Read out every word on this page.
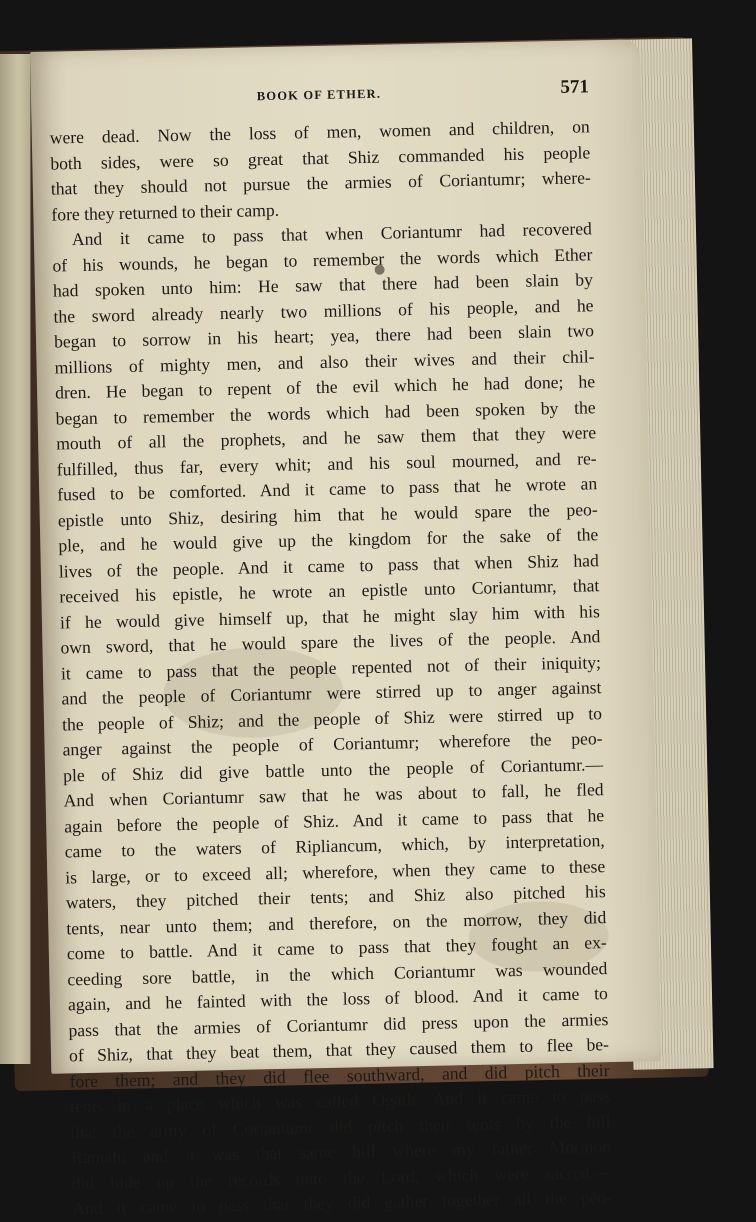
BOOK OF ETHER.	571
were dead. Now the loss of men, women and children, on
both sides, were so great that Shiz commanded his people
that they should not pursue the armies of Coriantumr; where-
fore they returned to their camp.
And it came to pass that when Coriantumr had recovered
of his wounds, he began to remember the words which Ether
had spoken unto him: He saw that there had been slain by
the sword already nearly two millions of his people, and he
began to sorrow in his heart; yea, there had been slain two
millions of mighty men, and also their wives and their chil-
dren. He began to repent of the evil which he had done; he
began to remember the words which had been spoken by the
mouth of all the prophets, and he saw them that they were
fulfilled, thus far, every whit; and his soul mourned, and re-
fused to be comforted. And it came to pass that he wrote an
epistle unto Shiz, desiring him that he would spare the peo-
ple, and he would give up the kingdom for the sake of the
lives of the people. And it came to pass that when Shiz had
received his epistle, he wrote an epistle unto Coriantumr, that
if he would give himself up, that he might slay him with his
own sword, that he would spare the lives of the people. And
it came to pass that the people repented not of their iniquity;
and the people of Coriantumr were stirred up to anger against
the people of Shiz; and the people of Shiz were stirred up to
anger against the people of Coriantumr; wherefore the peo-
ple of Shiz did give battle unto the people of Coriantumr.—
And when Coriantumr saw that he was about to fall, he fled
again before the people of Shiz. And it came to pass that he
came to the waters of Ripliancum, which, by interpretation,
is large, or to exceed all; wherefore, when they came to these
waters, they pitched their tents; and Shiz also pitched his
tents, near unto them; and therefore, on the morrow, they did
come to battle. And it came to pass that they fought an ex-
ceeding sore battle, in the which Coriantumr was wounded
again, and he fainted with the loss of blood. And it came to
pass that the armies of Coriantumr did press upon the armies
of Shiz, that they beat them, that they caused them to flee be-
fore them; and they did flee southward, and did pitch their
tents in a place which was called Ogath. And it came to pass
that the army of Coriantumr did pitch their tents by the hill
Ramah; and it was that same hill where my father Mormon
did hide up the records unto the Lord, which were sacred.—
And it came to pass that they did gather together all the peo-
